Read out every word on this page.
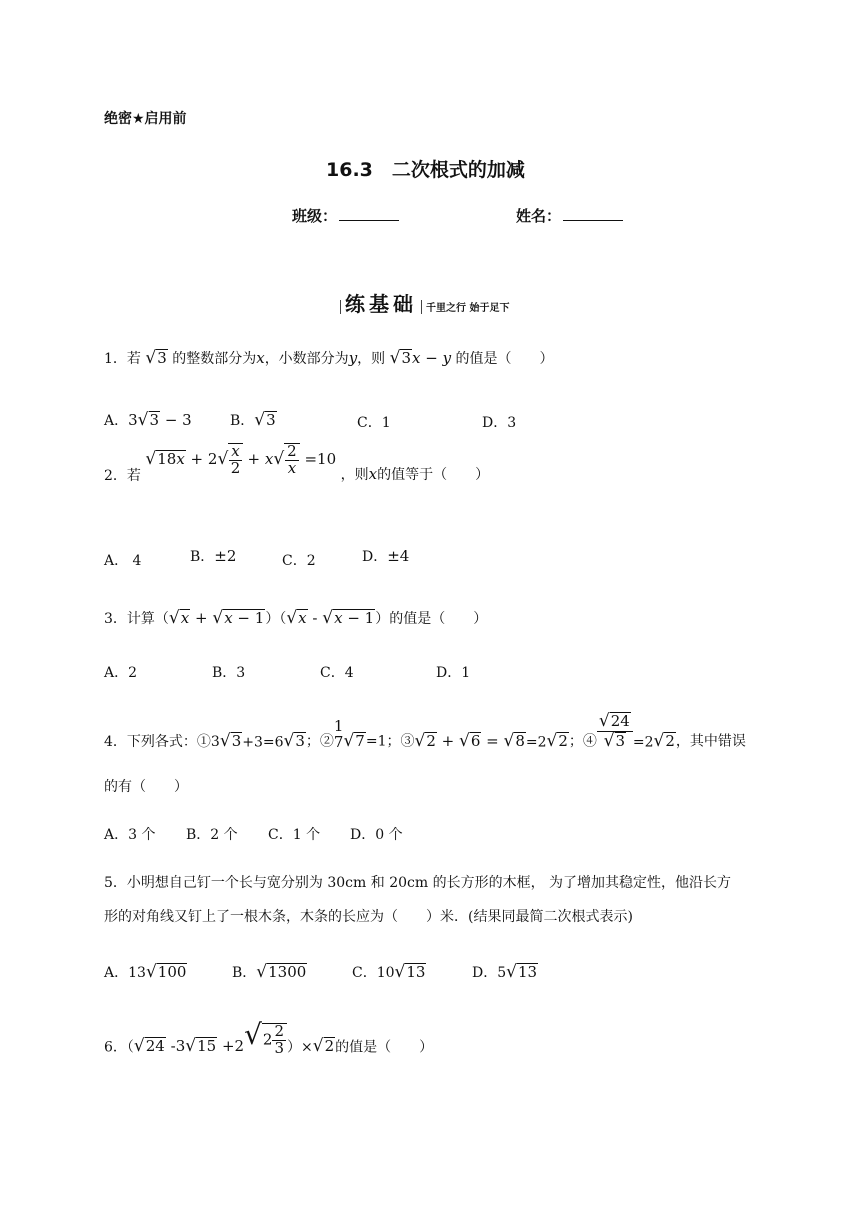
绝密★启用前
16.3　二次根式的加减
班级：	姓名：
练基础 千里之行 始于足下
1．若 √3 的整数部分为x，小数部分为y，则 √3x − y 的值是（　　）
A．3√3 − 3	B．√3	C．1	D．3
2．若 $√18x + 2√ \frac{x}{2} + x√ \frac{2}{x} =10$ ，则x的值等于（　　）
A． 4	B．±2	C．2	D．±4
3．计算（√x + √x − 1）（√x - √x − 1）的值是（　　）
A．2	B．3	C．4	D．1
4．下列各式：①3√3+3=6√3；②
1
7 √7=1；③√2 + √6 = √8=2√2；④ $\frac{√24}{√3} =2√2$，其中错误
的有（　　）
A．3 个 B．2 个 C．1 个 D．0 个
5．小明想自己钉一个长与宽分别为 30cm 和 20cm 的长方形的木框， 为了增加其稳定性，他沿长方
形的对角线又钉上了一根木条，木条的长应为（　　）米．(结果同最简二次根式表示)
A．13√100	B．√1300	C．10√13	D．5√13
6．（√24 $-3√15 +2√2 \frac{2}{3} )\times√2$的值是（　　）
